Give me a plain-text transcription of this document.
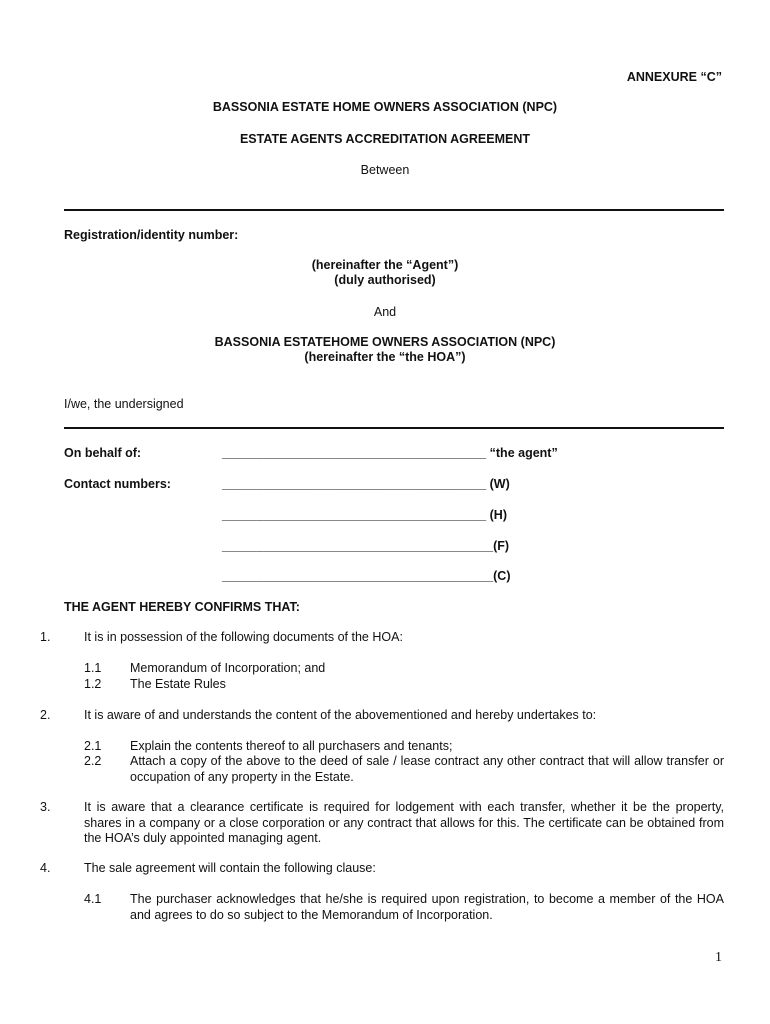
ANNEXURE “C”
BASSONIA ESTATE HOME OWNERS ASSOCIATION (NPC)
ESTATE AGENTS ACCREDITATION AGREEMENT
Between
Registration/identity number:
(hereinafter the “Agent”)
(duly authorised)
And
BASSONIA ESTATEHOME OWNERS ASSOCIATION (NPC)
(hereinafter the “the HOA”)
I/we, the undersigned
On behalf of:	______________________________________ “the agent”
Contact numbers:	______________________________________ (W)
______________________________________ (H)
_______________________________________(F)
_______________________________________(C)
THE AGENT HEREBY CONFIRMS THAT:
1.	It is in possession of the following documents of the HOA:
1.1 Memorandum of Incorporation; and
1.2 The Estate Rules
2.	It is aware of and understands the content of the abovementioned and hereby undertakes to:
2.1 Explain the contents thereof to all purchasers and tenants;
2.2 Attach a copy of the above to the deed of sale / lease contract any other contract that will allow transfer or occupation of any property in the Estate.
3.	It is aware that a clearance certificate is required for lodgement with each transfer, whether it be the property, shares in a company or a close corporation or any contract that allows for this. The certificate can be obtained from the HOA’s duly appointed managing agent.
4.	The sale agreement will contain the following clause:
4.1 The purchaser acknowledges that he/she is required upon registration, to become a member of the HOA and agrees to do so subject to the Memorandum of Incorporation.
1
